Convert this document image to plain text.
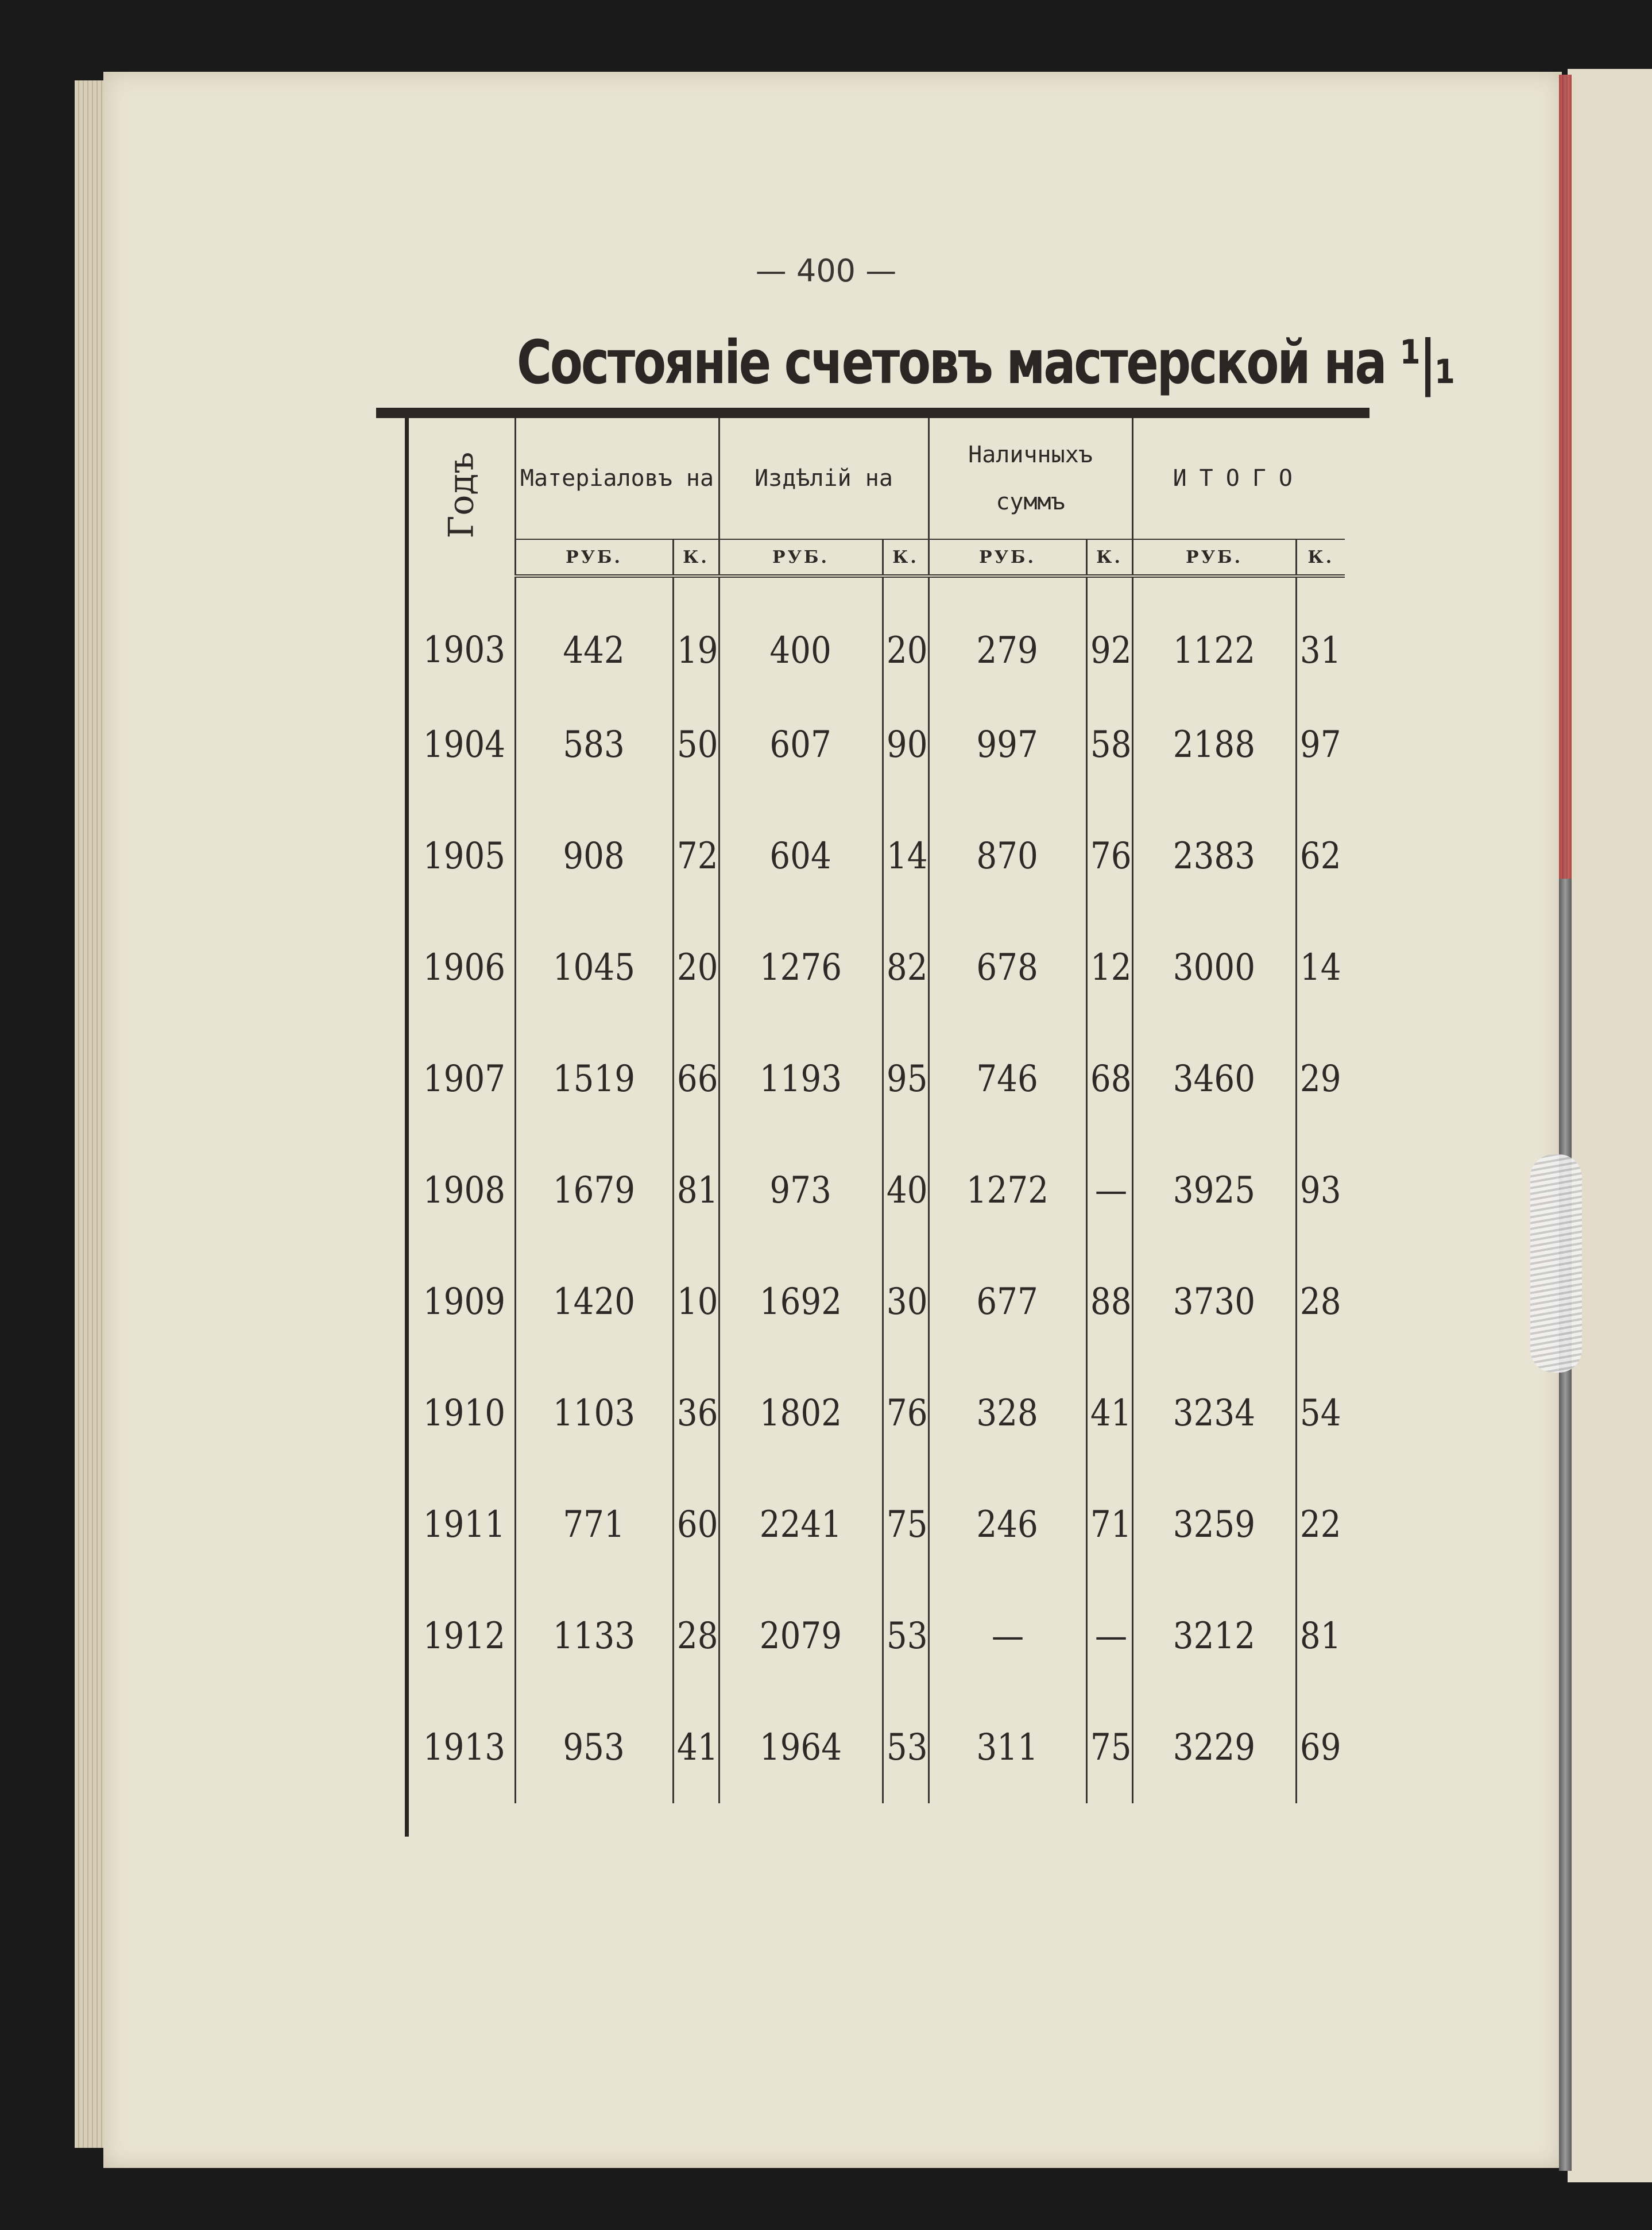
— 400 —
Состояніе счетовъ мастерской на ¹|₁
Годъ	Матеріаловъ на		Издѣлій на		Наличныхъ суммъ		ИТОГО	
	РУБ.	К.	РУБ.	К.	РУБ.	К.	РУБ.	К.
1903	442	19	400	20	279	92	1122	31
1904	583	50	607	90	997	58	2188	97
1905	908	72	604	14	870	76	2383	62
1906	1045	20	1276	82	678	12	3000	14
1907	1519	66	1193	95	746	68	3460	29
1908	1679	81	973	40	1272	—	3925	93
1909	1420	10	1692	30	677	88	3730	28
1910	1103	36	1802	76	328	41	3234	54
1911	771	60	2241	75	246	71	3259	22
1912	1133	28	2079	53	—	—	3212	81
1913	953	41	1964	53	311	75	3229	69
